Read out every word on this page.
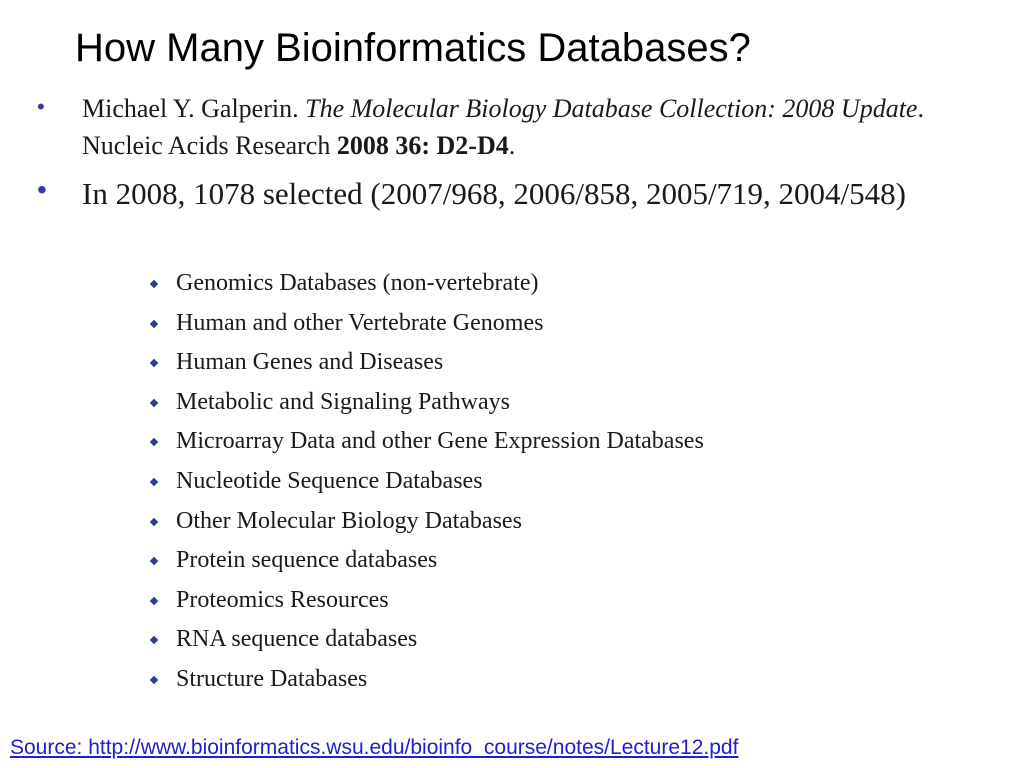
How Many Bioinformatics Databases?
• Michael Y. Galperin. The Molecular Biology Database Collection: 2008 Update. Nucleic Acids Research 2008 36: D2-D4.
• In 2008, 1078 selected (2007/968, 2006/858, 2005/719, 2004/548)
Genomics Databases (non-vertebrate)
Human and other Vertebrate Genomes
Human Genes and Diseases
Metabolic and Signaling Pathways
Microarray Data and other Gene Expression Databases
Nucleotide Sequence Databases
Other Molecular Biology Databases
Protein sequence databases
Proteomics Resources
RNA sequence databases
Structure Databases
Source: http://www.bioinformatics.wsu.edu/bioinfo_course/notes/Lecture12.pdf
